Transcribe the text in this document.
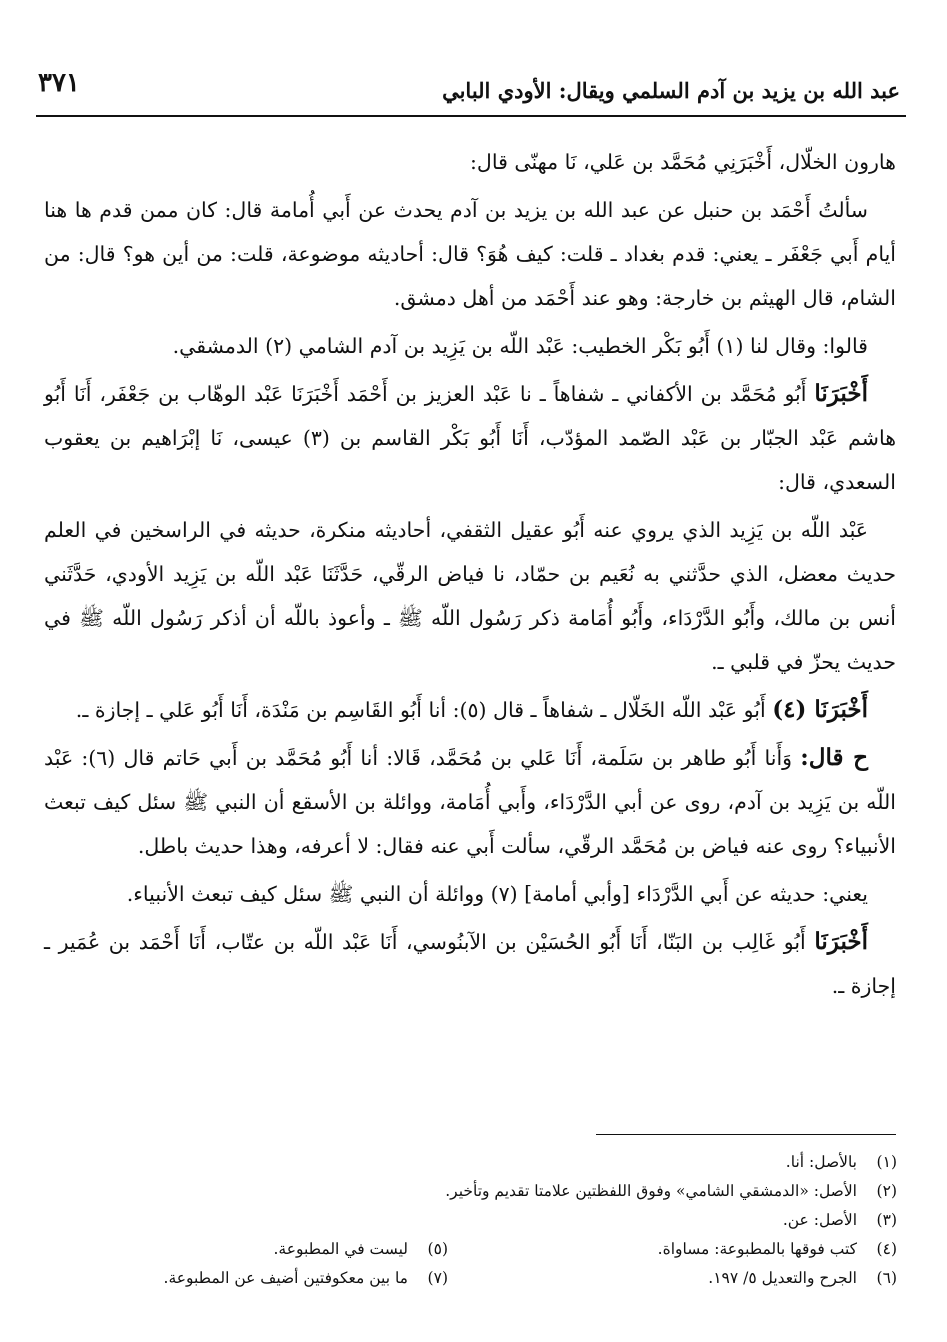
٣٧١	عبد الله بن يزيد بن آدم السلمي ويقال: الأودي البابي

هارون الخلّال، أَخْبَرَنِي مُحَمَّد بن عَلي، نَا مهنّى قال:

سألتُ أَحْمَد بن حنبل عن عبد الله بن يزيد بن آدم يحدث عن أَبي أُمامة قال: كان ممن قدم ها هنا أيام أَبي جَعْفَر ـ يعني: قدم بغداد ـ قلت: كيف هُوَ؟ قال: أحاديثه موضوعة، قلت: من أين هو؟ قال: من الشام، قال الهيثم بن خارجة: وهو عند أَحْمَد من أهل دمشق.

قالوا: وقال لنا (١) أَبُو بَكْر الخطيب: عَبْد اللّه بن يَزِيد بن آدم الشامي (٢) الدمشقي.

أَخْبَرَنَا أَبُو مُحَمَّد بن الأكفاني ـ شفاهاً ـ نا عَبْد العزيز بن أَحْمَد أَخْبَرَنَا عَبْد الوهّاب بن جَعْفَر، أَنَا أَبُو هاشم عَبْد الجبّار بن عَبْد الصّمد المؤدّب، أَنَا أَبُو بَكْر القاسم بن (٣) عيسى، نَا إبْرَاهيم بن يعقوب السعدي، قال:

عَبْد اللّه بن يَزِيد الذي يروي عنه أَبُو عقيل الثقفي، أحاديثه منكرة، حديثه في الراسخين في العلم حديث معضل، الذي حدَّثني به نُعَيم بن حمّاد، نا فياض الرقّي، حَدَّثَنَا عَبْد اللّه بن يَزِيد الأودي، حَدَّثَني أنس بن مالك، وأَبُو الدَّرْدَاء، وأَبُو أُمَامة ذكر رَسُول اللّه ﷺ ـ وأعوذ باللّه أن أذكر رَسُول اللّه ﷺ في حديث يحزّ في قلبي ـ.

أَخْبَرَنَا (٤) أَبُو عَبْد اللّه الخَلّال ـ شفاهاً ـ قال (٥): أنا أَبُو القَاسِم بن مَنْدَة، أَنَا أَبُو عَلي ـ إجازة ـ.

ح قال: وَأَنا أَبُو طاهر بن سَلَمة، أَنَا عَلي بن مُحَمَّد، قَالا: أنا أَبُو مُحَمَّد بن أَبي حَاتم قال (٦): عَبْد اللّه بن يَزِيد بن آدم، روى عن أبي الدَّرْدَاء، وأَبي أُمَامة، ووائلة بن الأسقع أن النبي ﷺ سئل كيف تبعث الأنبياء؟ روى عنه فياض بن مُحَمَّد الرقّي، سألت أَبي عنه فقال: لا أعرفه، وهذا حديث باطل.

يعني: حديثه عن أَبي الدَّرْدَاء [وأبي أمامة] (٧) ووائلة أن النبي ﷺ سئل كيف تبعث الأنبياء.

أَخْبَرَنَا أَبُو غَالِب بن البَنّا، أَنَا أَبُو الحُسَيْن بن الآبنُوسي، أَنَا عَبْد اللّه بن عتّاب، أَنَا أَحْمَد بن عُمَير ـ إجازة ـ.

(١)بالأصل: أنا.
(٢)الأصل: «الدمشقي الشامي» وفوق اللفظتين علامتا تقديم وتأخير.
(٣)الأصل: عن.
(٤)كتب فوقها بالمطبوعة: مساواة.
(٦)الجرح والتعديل ٥/ ١٩٧.
(٥)ليست في المطبوعة.
(٧)ما بين معكوفتين أضيف عن المطبوعة.
